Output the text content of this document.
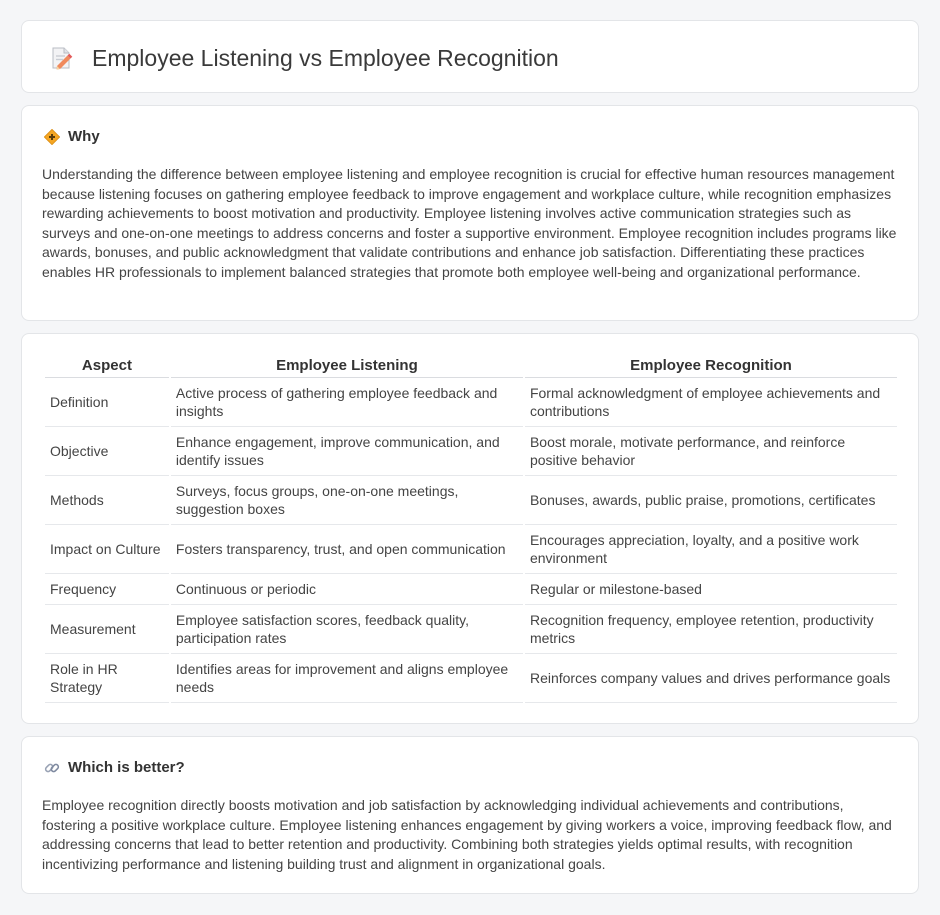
Employee Listening vs Employee Recognition
Why

Understanding the difference between employee listening and employee recognition is crucial for effective human resources management because listening focuses on gathering employee feedback to improve engagement and workplace culture, while recognition emphasizes rewarding achievements to boost motivation and productivity. Employee listening involves active communication strategies such as surveys and one-on-one meetings to address concerns and foster a supportive environment. Employee recognition includes programs like awards, bonuses, and public acknowledgment that validate contributions and enhance job satisfaction. Differentiating these practices enables HR professionals to implement balanced strategies that promote both employee well-being and organizational performance.

Aspect	Employee Listening	Employee Recognition
Definition	Active process of gathering employee feedback and insights	Formal acknowledgment of employee achievements and contributions
Objective	Enhance engagement, improve communication, and identify issues	Boost morale, motivate performance, and reinforce positive behavior
Methods	Surveys, focus groups, one-on-one meetings, suggestion boxes	Bonuses, awards, public praise, promotions, certificates
Impact on Culture	Fosters transparency, trust, and open communication	Encourages appreciation, loyalty, and a positive work environment
Frequency	Continuous or periodic	Regular or milestone-based
Measurement	Employee satisfaction scores, feedback quality, participation rates	Recognition frequency, employee retention, productivity metrics
Role in HR Strategy	Identifies areas for improvement and aligns employee needs	Reinforces company values and drives performance goals
Which is better?

Employee recognition directly boosts motivation and job satisfaction by acknowledging individual achievements and contributions, fostering a positive workplace culture. Employee listening enhances engagement by giving workers a voice, improving feedback flow, and addressing concerns that lead to better retention and productivity. Combining both strategies yields optimal results, with recognition incentivizing performance and listening building trust and alignment in organizational goals.
